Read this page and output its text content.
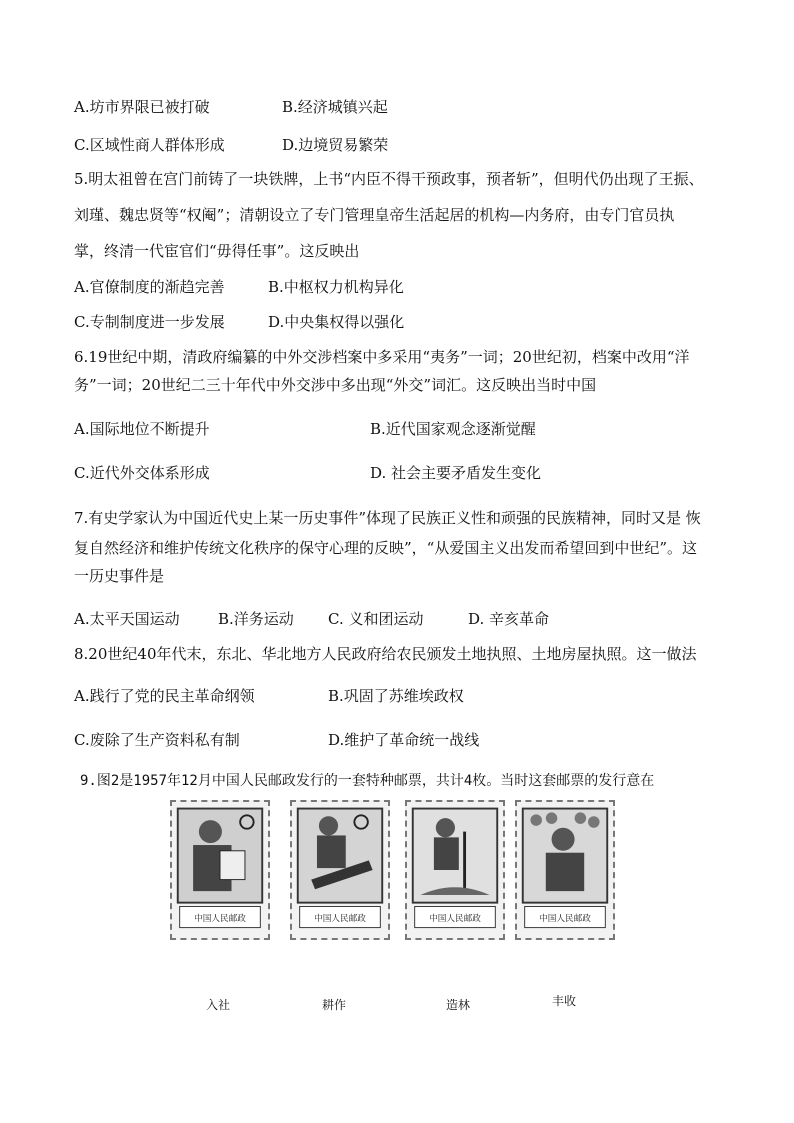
A.坊市界限已被打破	B.经济城镇兴起
C.区域性商人群体形成	D.边境贸易繁荣
5.明太祖曾在宫门前铸了一块铁牌，上书“内臣不得干预政事，预者斩”，但明代仍出现了王振、
刘瑾、魏忠贤等“权阉”；清朝设立了专门管理皇帝生活起居的机构—内务府，由专门官员执
掌，终清一代宦官们“毋得任事”。这反映出
A.官僚制度的渐趋完善	B.中枢权力机构异化
C.专制制度进一步发展	D.中央集权得以强化
6.19世纪中期，清政府编纂的中外交涉档案中多采用“夷务”一词；20世纪初，档案中改用“洋
务”一词；20世纪二三十年代中外交涉中多出现“外交”词汇。这反映出当时中国
A.国际地位不断提升	B.近代国家观念逐渐觉醒
C.近代外交体系形成	D. 社会主要矛盾发生变化
7.有史学家认为中国近代史上某一历史事件”体现了民族正义性和顽强的民族精神，同时又是 恢
复自然经济和维护传统文化秩序的保守心理的反映”，“从爱国主义出发而希望回到中世纪”。这
一历史事件是
A.太平天国运动	B.洋务运动 C. 义和团运动	D. 辛亥革命
8.20世纪40年代末，东北、华北地方人民政府给农民颁发土地执照、土地房屋执照。这一做法
A.践行了党的民主革命纲领	B.巩固了苏维埃政权
C.废除了生产资料私有制	D.维护了革命统一战线
9.图2是1957年12月中国人民邮政发行的一套特种邮票，共计4枚。当时这套邮票的发行意在
中国人民邮政	中国人民邮政	中国人民邮政	中国人民邮政
入社	耕作	造林	丰收
